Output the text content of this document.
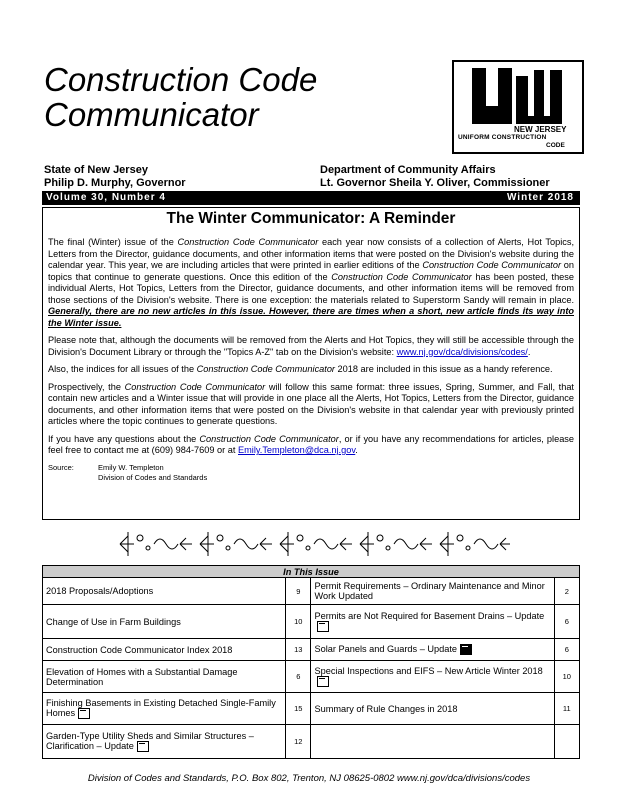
Construction Code
Communicator	NEW JERSEY
UNIFORM CONSTRUCTION
CODE
State of New Jersey
Philip D. Murphy, Governor
Department of Community Affairs
Lt. Governor Sheila Y. Oliver, Commissioner
Volume 30, Number 4	Winter 2018
The Winter Communicator: A Reminder

The final (Winter) issue of the Construction Code Communicator each year now consists of a collection of Alerts, Hot Topics, Letters from the Director, guidance documents, and other information items that were posted on the Division's website during the calendar year. This year, we are including articles that were printed in earlier editions of the Construction Code Communicator on topics that continue to generate questions. Once this edition of the Construction Code Communicator has been posted, these individual Alerts, Hot Topics, Letters from the Director, guidance documents, and other information items will be removed from those sections of the Division's website. There is one exception: the materials related to Superstorm Sandy will remain in place. Generally, there are no new articles in this issue. However, there are times when a short, new article finds its way into the Winter issue.

Please note that, although the documents will be removed from the Alerts and Hot Topics, they will still be accessible through the Division's Document Library or through the "Topics A-Z" tab on the Division's website: www.nj.gov/dca/divisions/codes/.

Also, the indices for all issues of the Construction Code Communicator 2018 are included in this issue as a handy reference.

Prospectively, the Construction Code Communicator will follow this same format: three issues, Spring, Summer, and Fall, that contain new articles and a Winter issue that will provide in one place all the Alerts, Hot Topics, Letters from the Director, guidance documents, and other information items that were posted on the Division's website in that calendar year with previously printed articles where the topic continues to generate questions.

If you have any questions about the Construction Code Communicator, or if you have any recommendations for articles, please feel free to contact me at (609) 984-7609 or at Emily.Templeton@dca.nj.gov.

Source:	Emily W. Templeton
Division of Codes and Standards
In This Issue			
2018 Proposals/Adoptions	9	Permit Requirements – Ordinary Maintenance and Minor Work Updated	2
Change of Use in Farm Buildings	10	Permits are Not Required for Basement Drains – Update	6
Construction Code Communicator Index 2018	13	Solar Panels and Guards – Update	6
Elevation of Homes with a Substantial Damage Determination	6	Special Inspections and EIFS – New Article Winter 2018	10
Finishing Basements in Existing Detached Single-Family Homes	15	Summary of Rule Changes in 2018	11
Garden-Type Utility Sheds and Similar Structures – Clarification – Update	12		
Division of Codes and Standards, P.O. Box 802, Trenton, NJ 08625-0802 www.nj.gov/dca/divisions/codes
